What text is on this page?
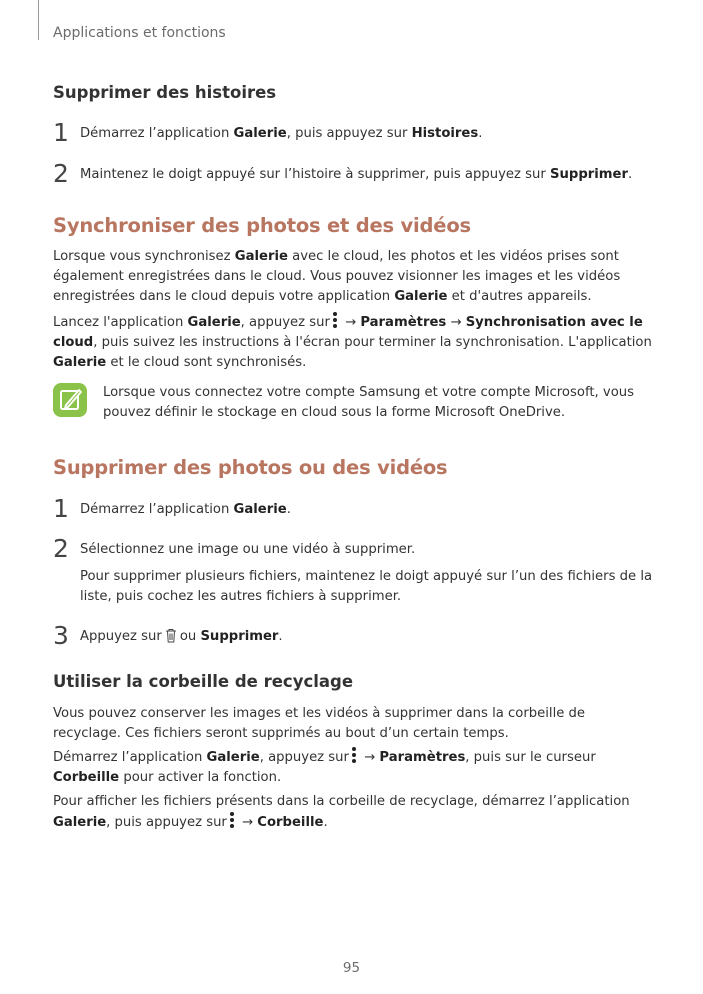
Applications et fonctions
Supprimer des histoires
1 Démarrez l’application Galerie, puis appuyez sur Histoires.
2 Maintenez le doigt appuyé sur l’histoire à supprimer, puis appuyez sur Supprimer.
Synchroniser des photos et des vidéos
Lorsque vous synchronisez Galerie avec le cloud, les photos et les vidéos prises sont également enregistrées dans le cloud. Vous pouvez visionner les images et les vidéos enregistrées dans le cloud depuis votre application Galerie et d'autres appareils.
Lancez l'application Galerie, appuyez sur
→ Paramètres → Synchronisation avec le cloud, puis suivez les instructions à l'écran pour terminer la synchronisation. L'application Galerie et le cloud sont synchronisés.
Lorsque vous connectez votre compte Samsung et votre compte Microsoft, vous pouvez définir le stockage en cloud sous la forme Microsoft OneDrive.
Supprimer des photos ou des vidéos
1 Démarrez l’application Galerie.
2 Sélectionnez une image ou une vidéo à supprimer.
Pour supprimer plusieurs fichiers, maintenez le doigt appuyé sur l’un des fichiers de la liste, puis cochez les autres fichiers à supprimer.
3 Appuyez sur ou Supprimer.
Utiliser la corbeille de recyclage
Vous pouvez conserver les images et les vidéos à supprimer dans la corbeille de recyclage. Ces fichiers seront supprimés au bout d’un certain temps.
Démarrez l’application Galerie, appuyez sur
→ Paramètres, puis sur le curseur Corbeille pour activer la fonction.
Pour afficher les fichiers présents dans la corbeille de recyclage, démarrez l’application Galerie, puis appuyez sur
→ Corbeille.
95
